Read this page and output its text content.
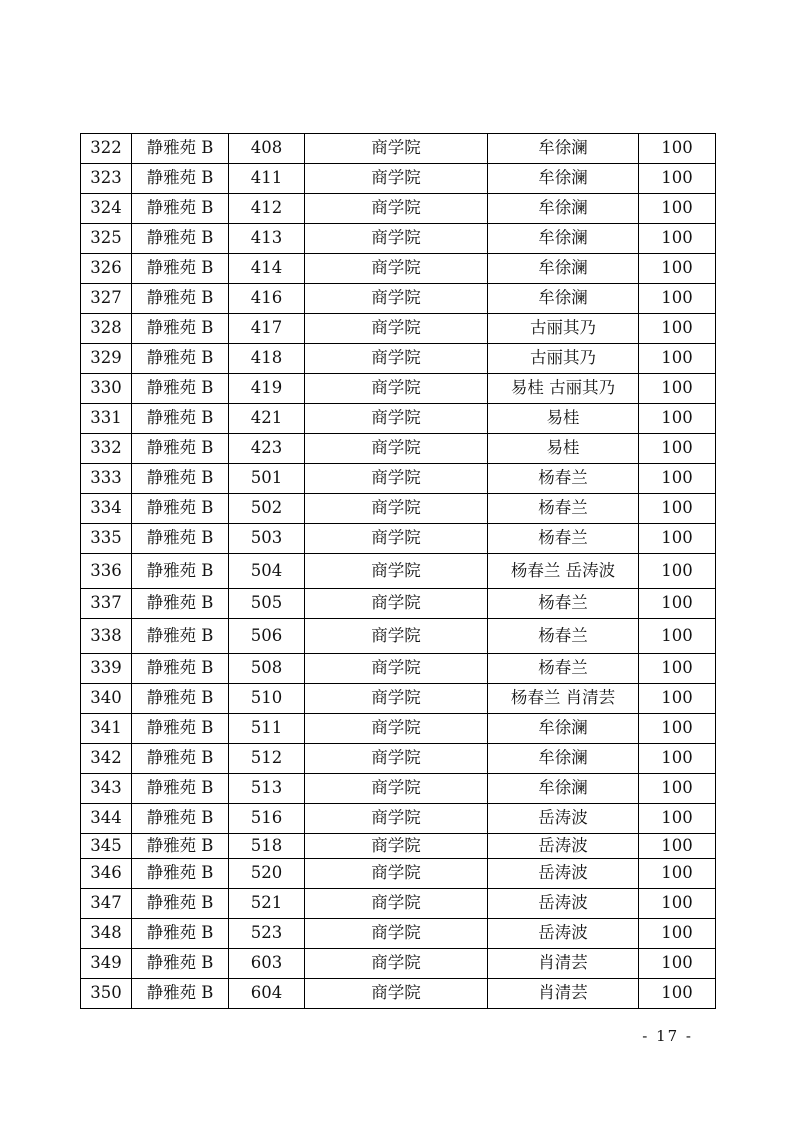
322	静雅苑 B	408	商学院	牟徐澜	100
323	静雅苑 B	411	商学院	牟徐澜	100
324	静雅苑 B	412	商学院	牟徐澜	100
325	静雅苑 B	413	商学院	牟徐澜	100
326	静雅苑 B	414	商学院	牟徐澜	100
327	静雅苑 B	416	商学院	牟徐澜	100
328	静雅苑 B	417	商学院	古丽其乃	100
329	静雅苑 B	418	商学院	古丽其乃	100
330	静雅苑 B	419	商学院	易桂 古丽其乃	100
331	静雅苑 B	421	商学院	易桂	100
332	静雅苑 B	423	商学院	易桂	100
333	静雅苑 B	501	商学院	杨春兰	100
334	静雅苑 B	502	商学院	杨春兰	100
335	静雅苑 B	503	商学院	杨春兰	100
336	静雅苑 B	504	商学院	杨春兰 岳涛波	100
337	静雅苑 B	505	商学院	杨春兰	100
338	静雅苑 B	506	商学院	杨春兰	100
339	静雅苑 B	508	商学院	杨春兰	100
340	静雅苑 B	510	商学院	杨春兰 肖清芸	100
341	静雅苑 B	511	商学院	牟徐澜	100
342	静雅苑 B	512	商学院	牟徐澜	100
343	静雅苑 B	513	商学院	牟徐澜	100
344	静雅苑 B	516	商学院	岳涛波	100
345	静雅苑 B	518	商学院	岳涛波	100
346	静雅苑 B	520	商学院	岳涛波	100
347	静雅苑 B	521	商学院	岳涛波	100
348	静雅苑 B	523	商学院	岳涛波	100
349	静雅苑 B	603	商学院	肖清芸	100
350	静雅苑 B	604	商学院	肖清芸	100
- 17 -
